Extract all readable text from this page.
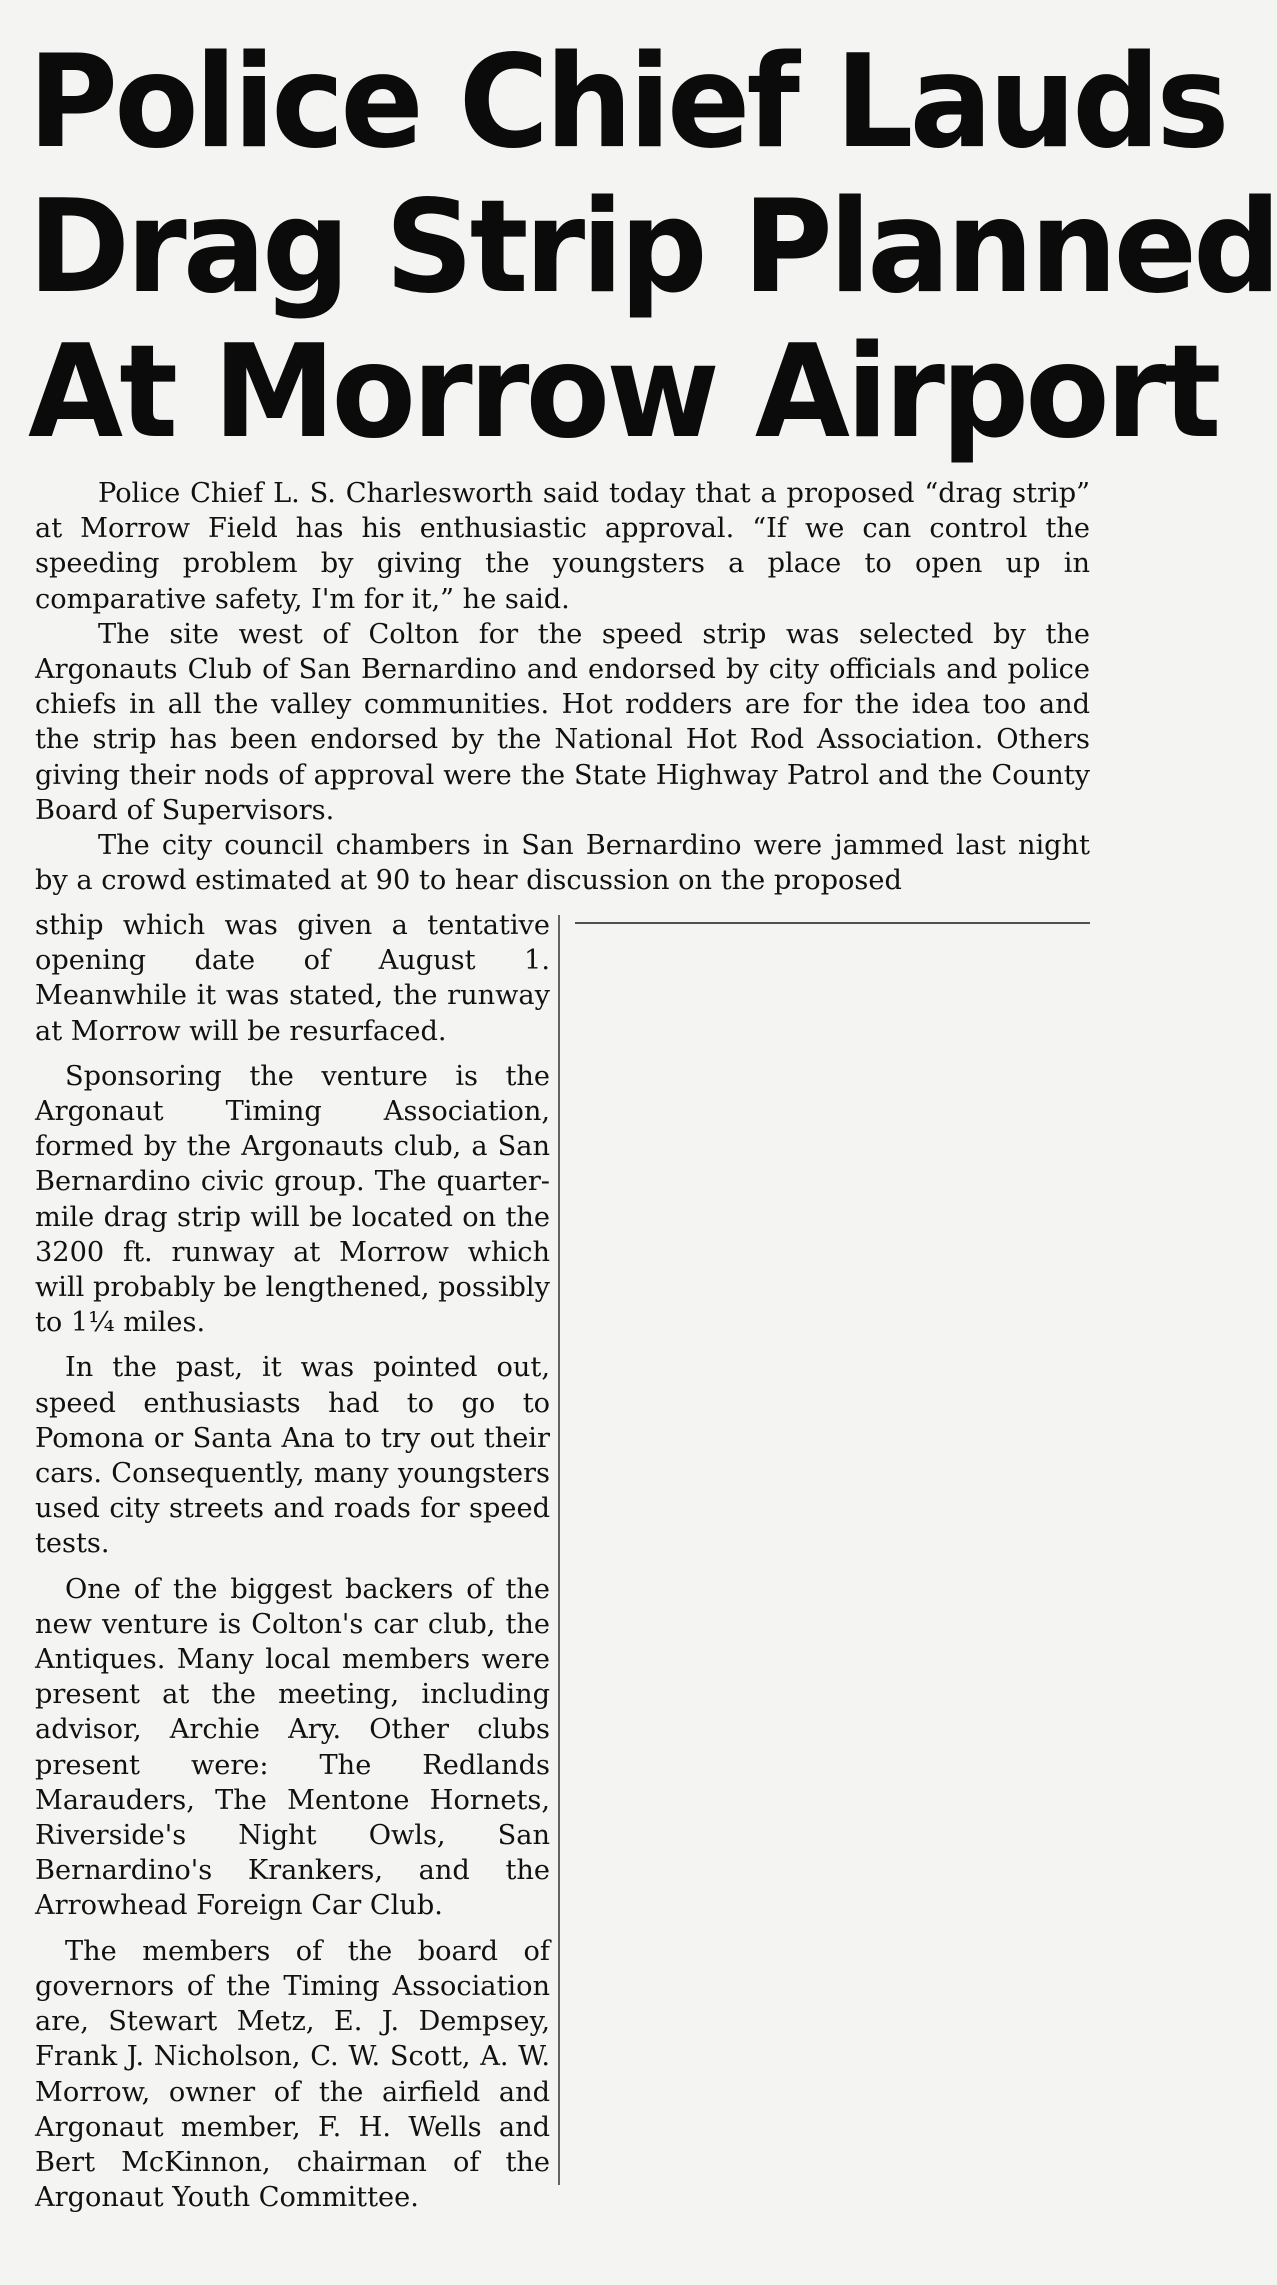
Police Chief Lauds
Drag Strip Planned
At Morrow Airport

Police Chief L. S. Charlesworth said today that a proposed “drag strip” at Morrow Field has his enthusiastic approval. “If we can control the speeding problem by giving the youngsters a place to open up in comparative safety, I'm for it,” he said.

The site west of Colton for the speed strip was selected by the Argonauts Club of San Bernardino and endorsed by city officials and police chiefs in all the valley communities. Hot rodders are for the idea too and the strip has been endorsed by the National Hot Rod Association. Others giving their nods of approval were the State Highway Patrol and the County Board of Supervisors.

The city council chambers in San Bernardino were jammed last night by a crowd estimated at 90 to hear discussion on the proposed

sthip which was given a tentative opening date of August 1. Meanwhile it was stated, the runway at Morrow will be resurfaced.

Sponsoring the venture is the Argonaut Timing Association, formed by the Argonauts club, a San Bernardino civic group. The quarter-mile drag strip will be located on the 3200 ft. runway at Morrow which will probably be lengthened, possibly to 1¼ miles.

In the past, it was pointed out, speed enthusiasts had to go to Pomona or Santa Ana to try out their cars. Consequently, many youngsters used city streets and roads for speed tests.

One of the biggest backers of the new venture is Colton's car club, the Antiques. Many local members were present at the meeting, including advisor, Archie Ary. Other clubs present were: The Redlands Marauders, The Mentone Hornets, Riverside's Night Owls, San Bernardino's Krankers, and the Arrowhead Foreign Car Club.

The members of the board of governors of the Timing Association are, Stewart Metz, E. J. Dempsey, Frank J. Nicholson, C. W. Scott, A. W. Morrow, owner of the airfield and Argonaut member, F. H. Wells and Bert McKinnon, chairman of the Argonaut Youth Committee.
